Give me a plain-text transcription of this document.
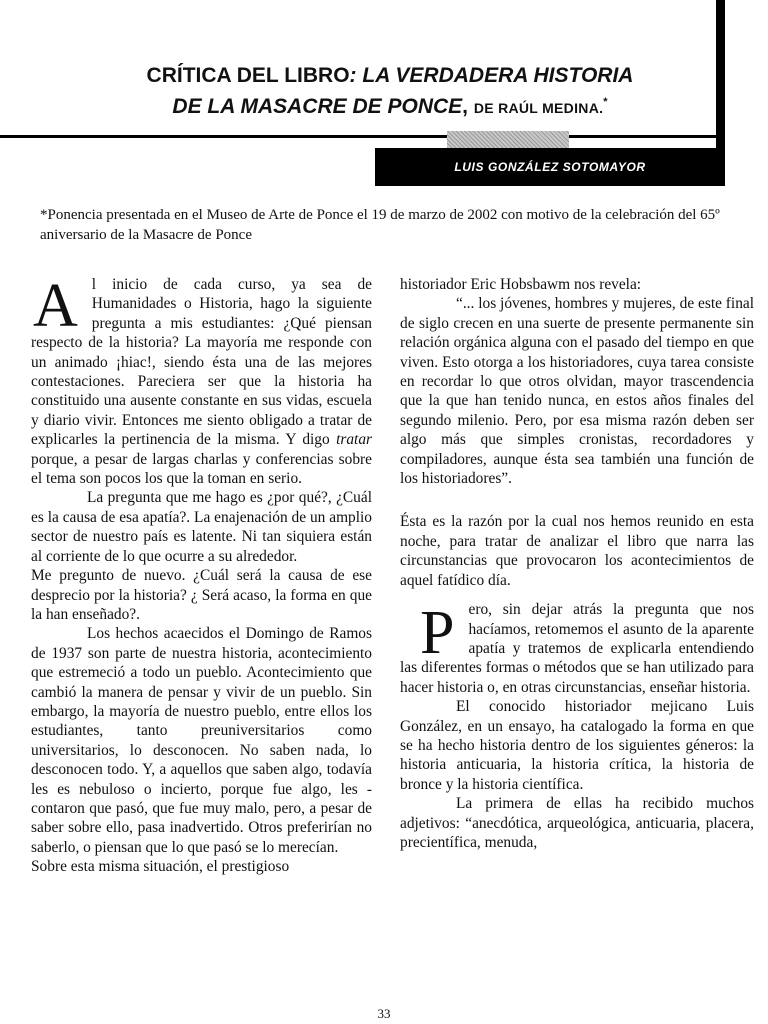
CRÍTICA DEL LIBRO: LA VERDADERA HISTORIA
DE LA MASACRE DE PONCE, DE RAÚL MEDINA.*
LUIS GONZÁLEZ SOTOMAYOR

*Ponencia presentada en el Museo de Arte de Ponce el 19 de marzo de 2002 con motivo de la celebración del 65º aniversario de la Masacre de Ponce

Al inicio de cada curso, ya sea de Humanidades o Historia, hago la siguiente pregunta a mis estudiantes: ¿Qué piensan respecto de la historia? La mayoría me responde con un animado ¡hiac!, siendo ésta una de las mejores contestaciones. Pareciera ser que la historia ha constituido una ausente constante en sus vidas, escuela y diario vivir. Entonces me siento obligado a tratar de explicarles la pertinencia de la misma. Y digo tratar porque, a pesar de largas charlas y conferencias sobre el tema son pocos los que la toman en serio.

La pregunta que me hago es ¿por qué?, ¿Cuál es la causa de esa apatía?. La enajenación de un amplio sector de nuestro país es latente. Ni tan siquiera están al corriente de lo que ocurre a su alrededor.

Me pregunto de nuevo. ¿Cuál será la causa de ese desprecio por la historia? ¿ Será acaso, la forma en que la han enseñado?.

Los hechos acaecidos el Domingo de Ramos de 1937 son parte de nuestra historia, acontecimiento que estremeció a todo un pueblo. Acontecimiento que cambió la manera de pensar y vivir de un pueblo. Sin embargo, la mayoría de nuestro pueblo, entre ellos los estudiantes, tanto preuniversitarios como universitarios, lo desconocen. No saben nada, lo desconocen todo. Y, a aquellos que saben algo, todavía les es nebuloso o incierto, porque fue algo, les - contaron que pasó, que fue muy malo, pero, a pesar de saber sobre ello, pasa inadvertido. Otros preferirían no saberlo, o piensan que lo que pasó se lo merecían.

Sobre esta misma situación, el prestigioso

historiador Eric Hobsbawm nos revela:

“... los jóvenes, hombres y mujeres, de este final de siglo crecen en una suerte de presente permanente sin relación orgánica alguna con el pasado del tiempo en que viven. Esto otorga a los historiadores, cuya tarea consiste en recordar lo que otros olvidan, mayor trascendencia que la que han tenido nunca, en estos años finales del segundo milenio. Pero, por esa misma razón deben ser algo más que simples cronistas, recordadores y compiladores, aunque ésta sea también una función de los historiadores”.

Ésta es la razón por la cual nos hemos reunido en esta noche, para tratar de analizar el libro que narra las circunstancias que provocaron los acontecimientos de aquel fatídico día.

Pero, sin dejar atrás la pregunta que nos hacíamos, retomemos el asunto de la aparente apatía y tratemos de explicarla entendiendo las diferentes formas o métodos que se han utilizado para hacer historia o, en otras circunstancias, enseñar historia.

El conocido historiador mejicano Luis González, en un ensayo, ha catalogado la forma en que se ha hecho historia dentro de los siguientes géneros: la historia anticuaria, la historia crítica, la historia de bronce y la historia científica.

La primera de ellas ha recibido muchos adjetivos: “anecdótica, arqueológica, anticuaria, placera, precientífica, menuda,

33
